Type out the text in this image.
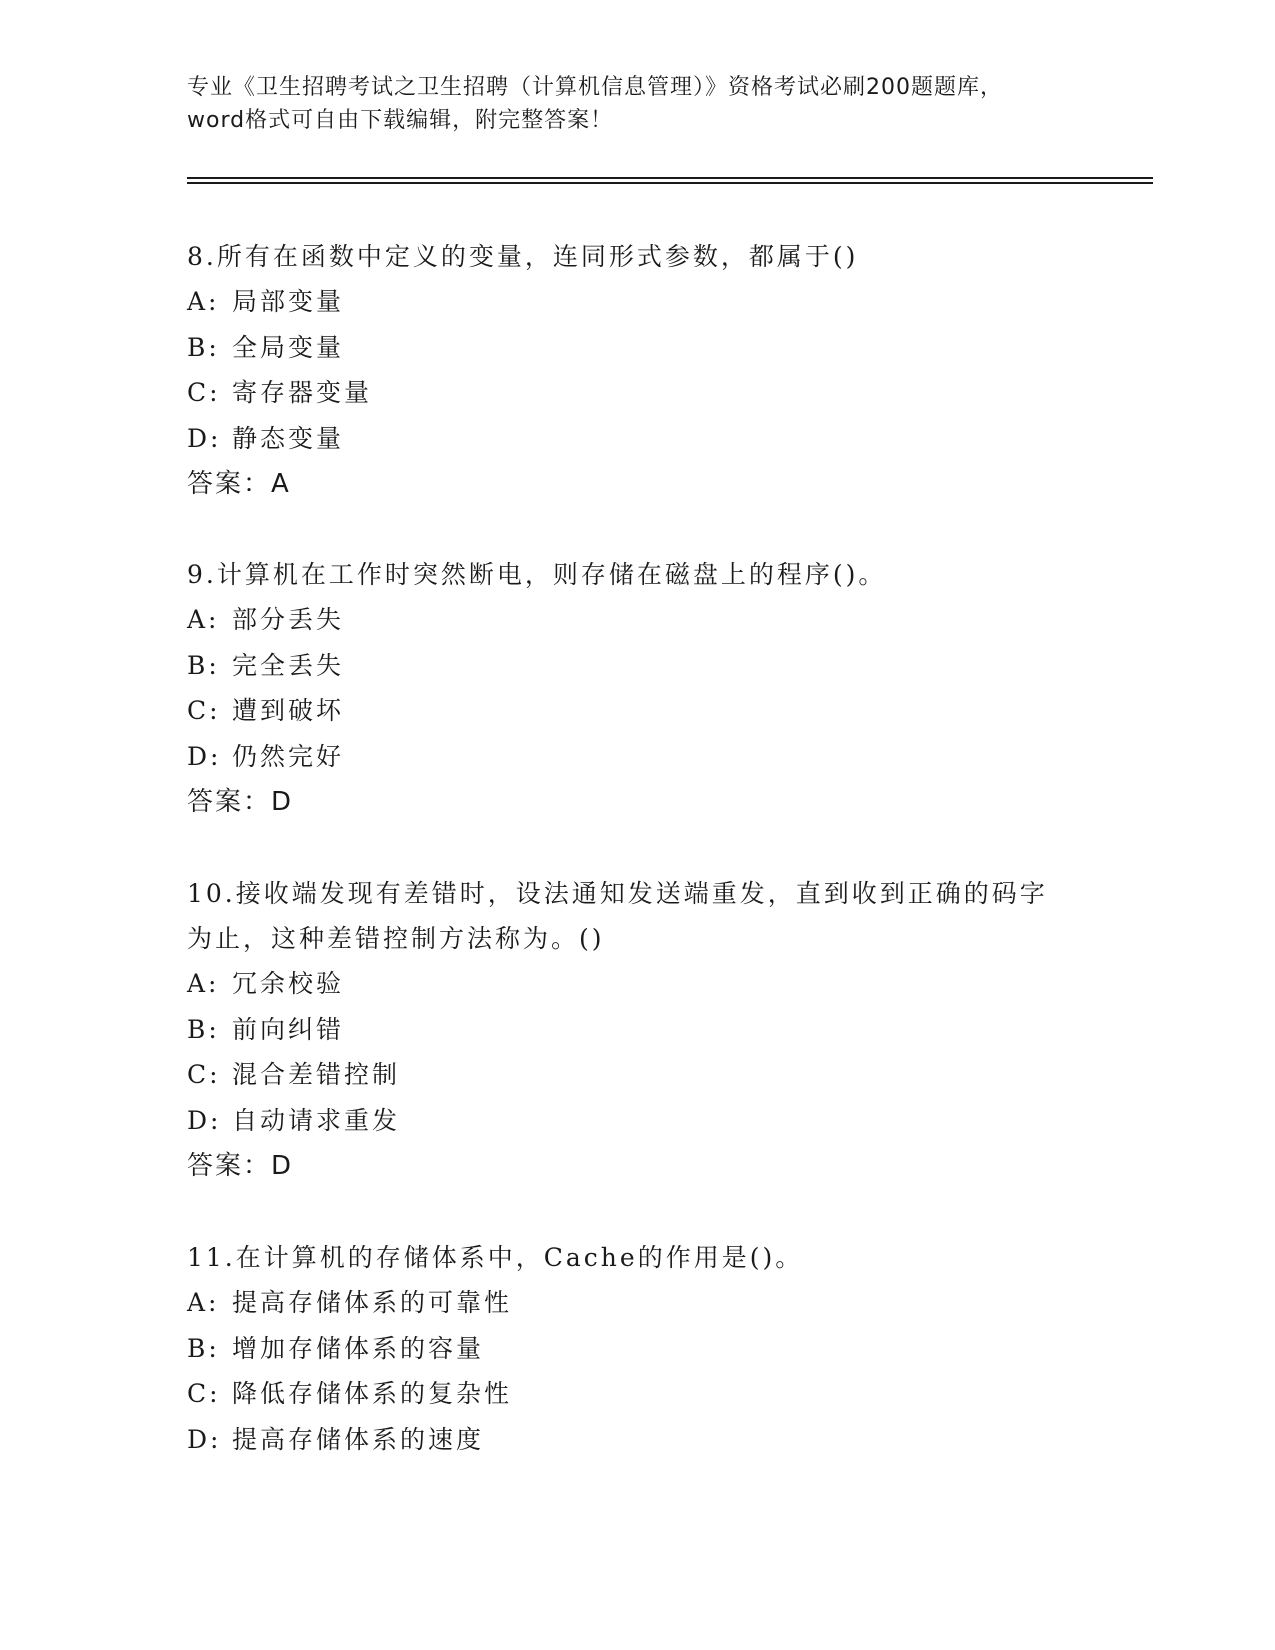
专业《卫生招聘考试之卫生招聘（计算机信息管理）》资格考试必刷200题题库，
word格式可自由下载编辑，附完整答案！
8.所有在函数中定义的变量，连同形式参数，都属于()
A: 局部变量
B: 全局变量
C: 寄存器变量
D: 静态变量
答案：A
9.计算机在工作时突然断电，则存储在磁盘上的程序()。
A: 部分丢失
B: 完全丢失
C: 遭到破坏
D: 仍然完好
答案：D
10.接收端发现有差错时，设法通知发送端重发，直到收到正确的码字
为止，这种差错控制方法称为。()
A: 冗余校验
B: 前向纠错
C: 混合差错控制
D: 自动请求重发
答案：D
11.在计算机的存储体系中，Cache的作用是()。
A: 提高存储体系的可靠性
B: 增加存储体系的容量
C: 降低存储体系的复杂性
D: 提高存储体系的速度
